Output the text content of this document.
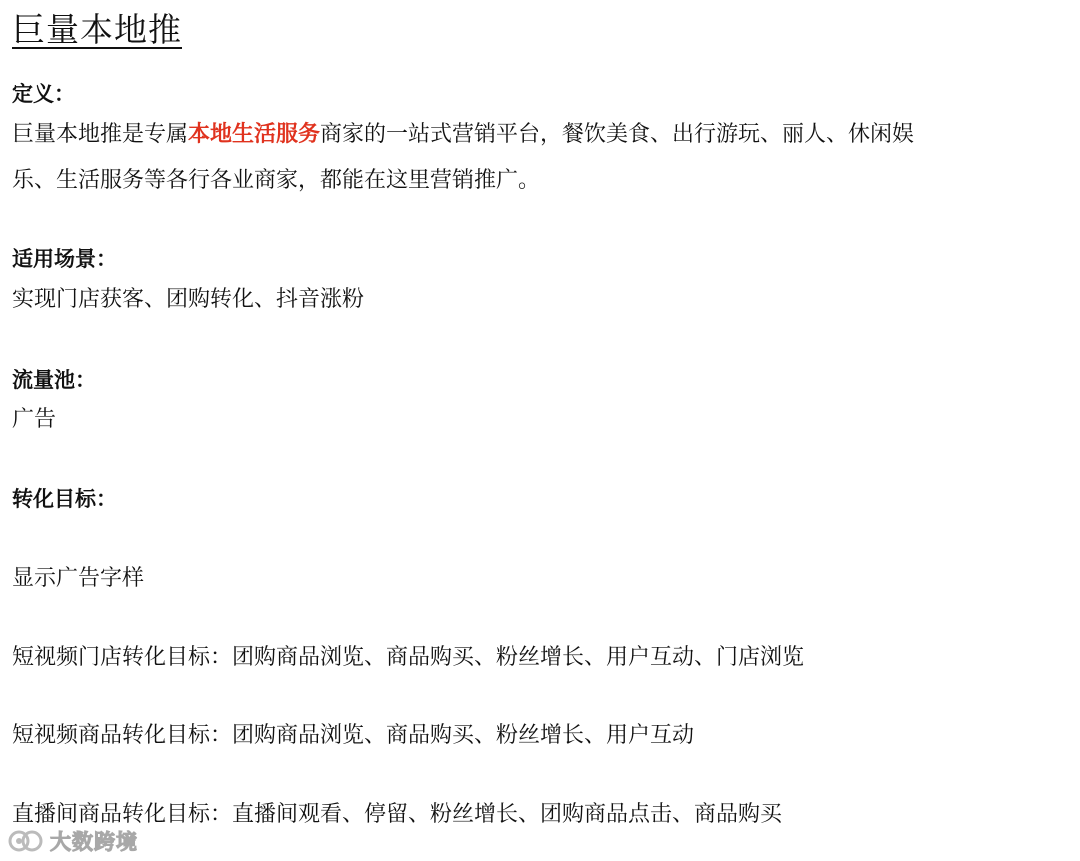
巨量本地推
定义：
巨量本地推是专属本地生活服务商家的一站式营销平台，餐饮美食、出行游玩、丽人、休闲娱
乐、生活服务等各行各业商家，都能在这里营销推广。
适用场景：
实现门店获客、团购转化、抖音涨粉
流量池：
广告
转化目标：
显示广告字样
短视频门店转化目标：团购商品浏览、商品购买、粉丝增长、用户互动、门店浏览
短视频商品转化目标：团购商品浏览、商品购买、粉丝增长、用户互动
直播间商品转化目标：直播间观看、停留、粉丝增长、团购商品点击、商品购买
大数跨境
